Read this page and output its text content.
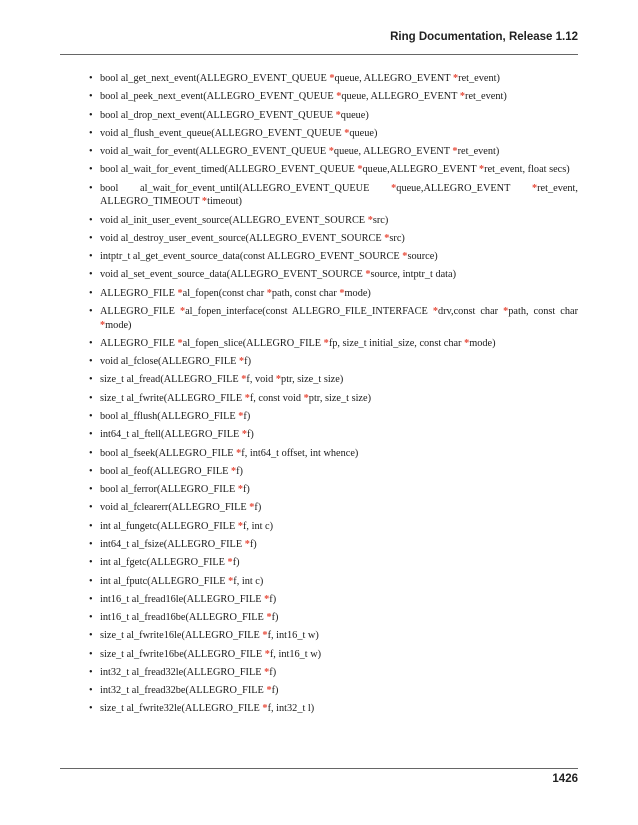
Ring Documentation, Release 1.12
• bool al_get_next_event(ALLEGRO_EVENT_QUEUE *queue, ALLEGRO_EVENT *ret_event)
• bool al_peek_next_event(ALLEGRO_EVENT_QUEUE *queue, ALLEGRO_EVENT *ret_event)
• bool al_drop_next_event(ALLEGRO_EVENT_QUEUE *queue)
• void al_flush_event_queue(ALLEGRO_EVENT_QUEUE *queue)
• void al_wait_for_event(ALLEGRO_EVENT_QUEUE *queue, ALLEGRO_EVENT *ret_event)
• bool al_wait_for_event_timed(ALLEGRO_EVENT_QUEUE *queue,ALLEGRO_EVENT *ret_event, float secs)
• bool al_wait_for_event_until(ALLEGRO_EVENT_QUEUE *queue,ALLEGRO_EVENT *ret_event, ALLEGRO_TIMEOUT *timeout)
• void al_init_user_event_source(ALLEGRO_EVENT_SOURCE *src)
• void al_destroy_user_event_source(ALLEGRO_EVENT_SOURCE *src)
• intptr_t al_get_event_source_data(const ALLEGRO_EVENT_SOURCE *source)
• void al_set_event_source_data(ALLEGRO_EVENT_SOURCE *source, intptr_t data)
• ALLEGRO_FILE *al_fopen(const char *path, const char *mode)
• ALLEGRO_FILE *al_fopen_interface(const ALLEGRO_FILE_INTERFACE *drv,const char *path, const char *mode)
• ALLEGRO_FILE *al_fopen_slice(ALLEGRO_FILE *fp, size_t initial_size, const char *mode)
• void al_fclose(ALLEGRO_FILE *f)
• size_t al_fread(ALLEGRO_FILE *f, void *ptr, size_t size)
• size_t al_fwrite(ALLEGRO_FILE *f, const void *ptr, size_t size)
• bool al_fflush(ALLEGRO_FILE *f)
• int64_t al_ftell(ALLEGRO_FILE *f)
• bool al_fseek(ALLEGRO_FILE *f, int64_t offset, int whence)
• bool al_feof(ALLEGRO_FILE *f)
• bool al_ferror(ALLEGRO_FILE *f)
• void al_fclearerr(ALLEGRO_FILE *f)
• int al_fungetc(ALLEGRO_FILE *f, int c)
• int64_t al_fsize(ALLEGRO_FILE *f)
• int al_fgetc(ALLEGRO_FILE *f)
• int al_fputc(ALLEGRO_FILE *f, int c)
• int16_t al_fread16le(ALLEGRO_FILE *f)
• int16_t al_fread16be(ALLEGRO_FILE *f)
• size_t al_fwrite16le(ALLEGRO_FILE *f, int16_t w)
• size_t al_fwrite16be(ALLEGRO_FILE *f, int16_t w)
• int32_t al_fread32le(ALLEGRO_FILE *f)
• int32_t al_fread32be(ALLEGRO_FILE *f)
• size_t al_fwrite32le(ALLEGRO_FILE *f, int32_t l)
1426
